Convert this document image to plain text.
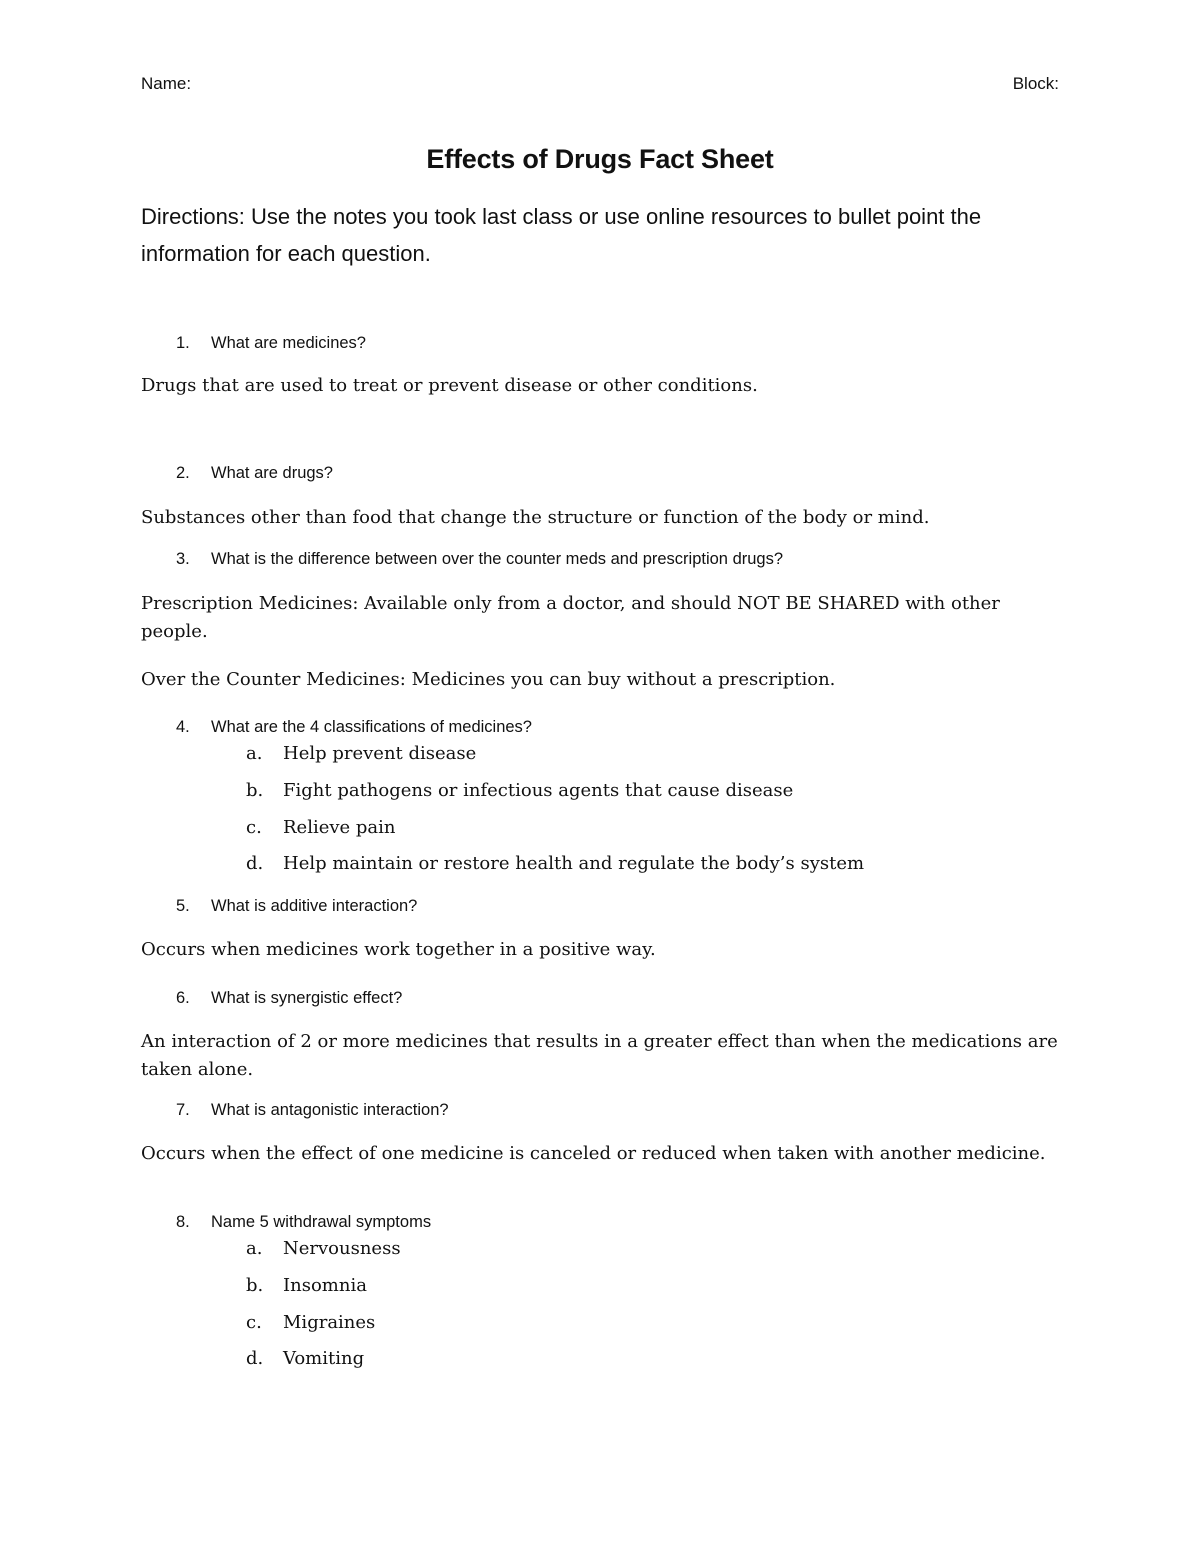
Name:	Block:
Effects of Drugs Fact Sheet
Directions: Use the notes you took last class or use online resources to bullet point the information for each question.
1. What are medicines?
Drugs that are used to treat or prevent disease or other conditions.
2. What are drugs?
Substances other than food that change the structure or function of the body or mind.
3. What is the difference between over the counter meds and prescription drugs?
Prescription Medicines: Available only from a doctor, and should NOT BE SHARED with other people.
Over the Counter Medicines: Medicines you can buy without a prescription.
4. What are the 4 classifications of medicines?
a. Help prevent disease
b. Fight pathogens or infectious agents that cause disease
c. Relieve pain
d. Help maintain or restore health and regulate the body’s system
5. What is additive interaction?
Occurs when medicines work together in a positive way.
6. What is synergistic effect?
An interaction of 2 or more medicines that results in a greater effect than when the medications are taken alone.
7. What is antagonistic interaction?
Occurs when the effect of one medicine is canceled or reduced when taken with another medicine.
8. Name 5 withdrawal symptoms
a. Nervousness
b. Insomnia
c. Migraines
d. Vomiting
